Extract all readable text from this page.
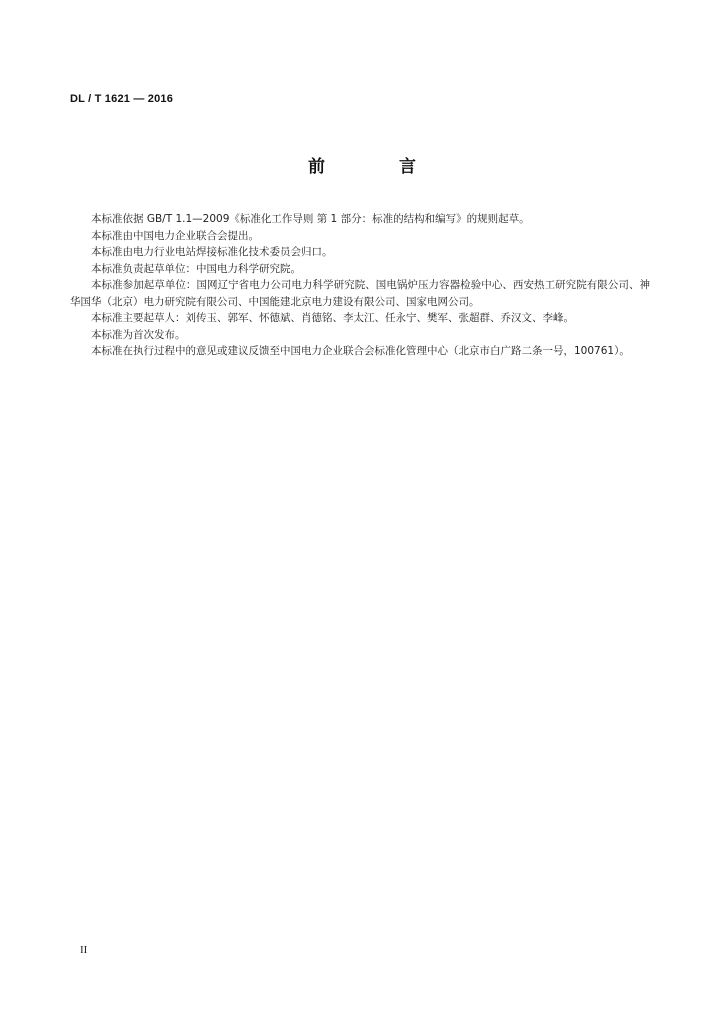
DL / T 1621 — 2016
前 言

本标准依据 GB/T 1.1—2009《标准化工作导则 第 1 部分：标准的结构和编写》的规则起草。

本标准由中国电力企业联合会提出。

本标准由电力行业电站焊接标准化技术委员会归口。

本标准负责起草单位：中国电力科学研究院。

本标准参加起草单位：国网辽宁省电力公司电力科学研究院、国电锅炉压力容器检验中心、西安热工研究院有限公司、神华国华（北京）电力研究院有限公司、中国能建北京电力建设有限公司、国家电网公司。

本标准主要起草人：刘传玉、郭军、怀德斌、肖德铭、李太江、任永宁、樊军、张超群、乔汉文、李峰。

本标准为首次发布。

本标准在执行过程中的意见或建议反馈至中国电力企业联合会标准化管理中心（北京市白广路二条一号，100761）。

II
